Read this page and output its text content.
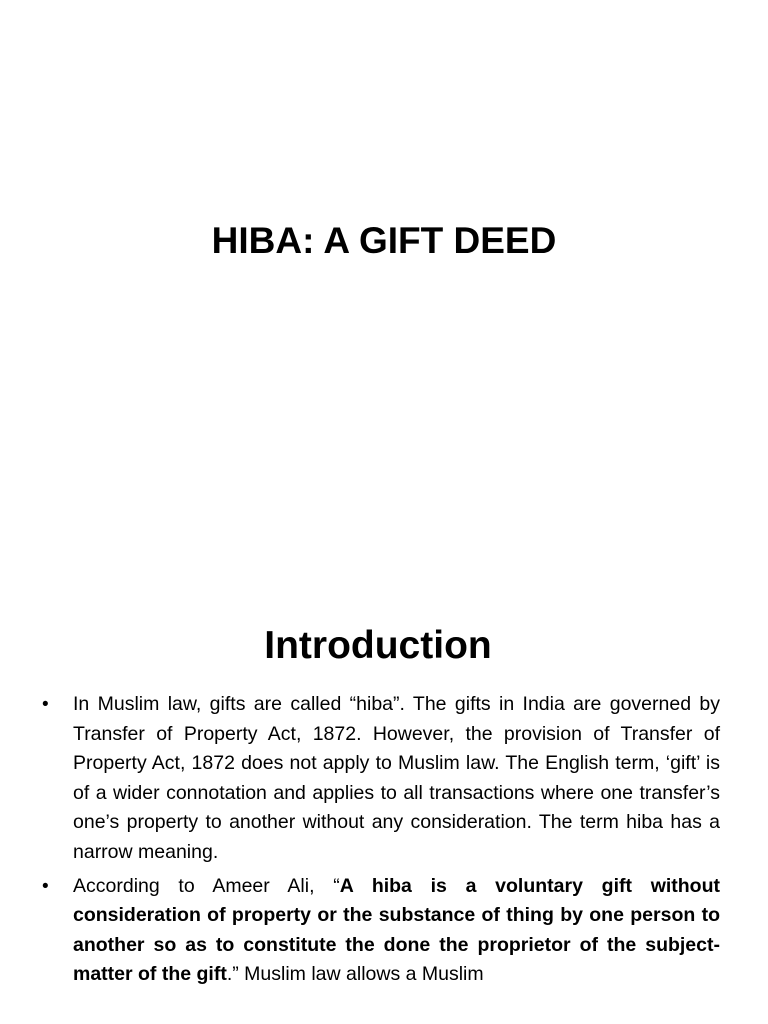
HIBA: A GIFT DEED
Introduction
• In Muslim law, gifts are called “hiba”. The gifts in India are governed by Transfer of Property Act, 1872. However, the provision of Transfer of Property Act, 1872 does not apply to Muslim law. The English term, ‘gift’ is of a wider connotation and applies to all transactions where one transfer’s one’s property to another without any consideration. The term hiba has a narrow meaning.
• According to Ameer Ali, “A hiba is a voluntary gift without consideration of property or the substance of thing by one person to another so as to constitute the done the proprietor of the subject-matter of the gift.” Muslim law allows a Muslim
